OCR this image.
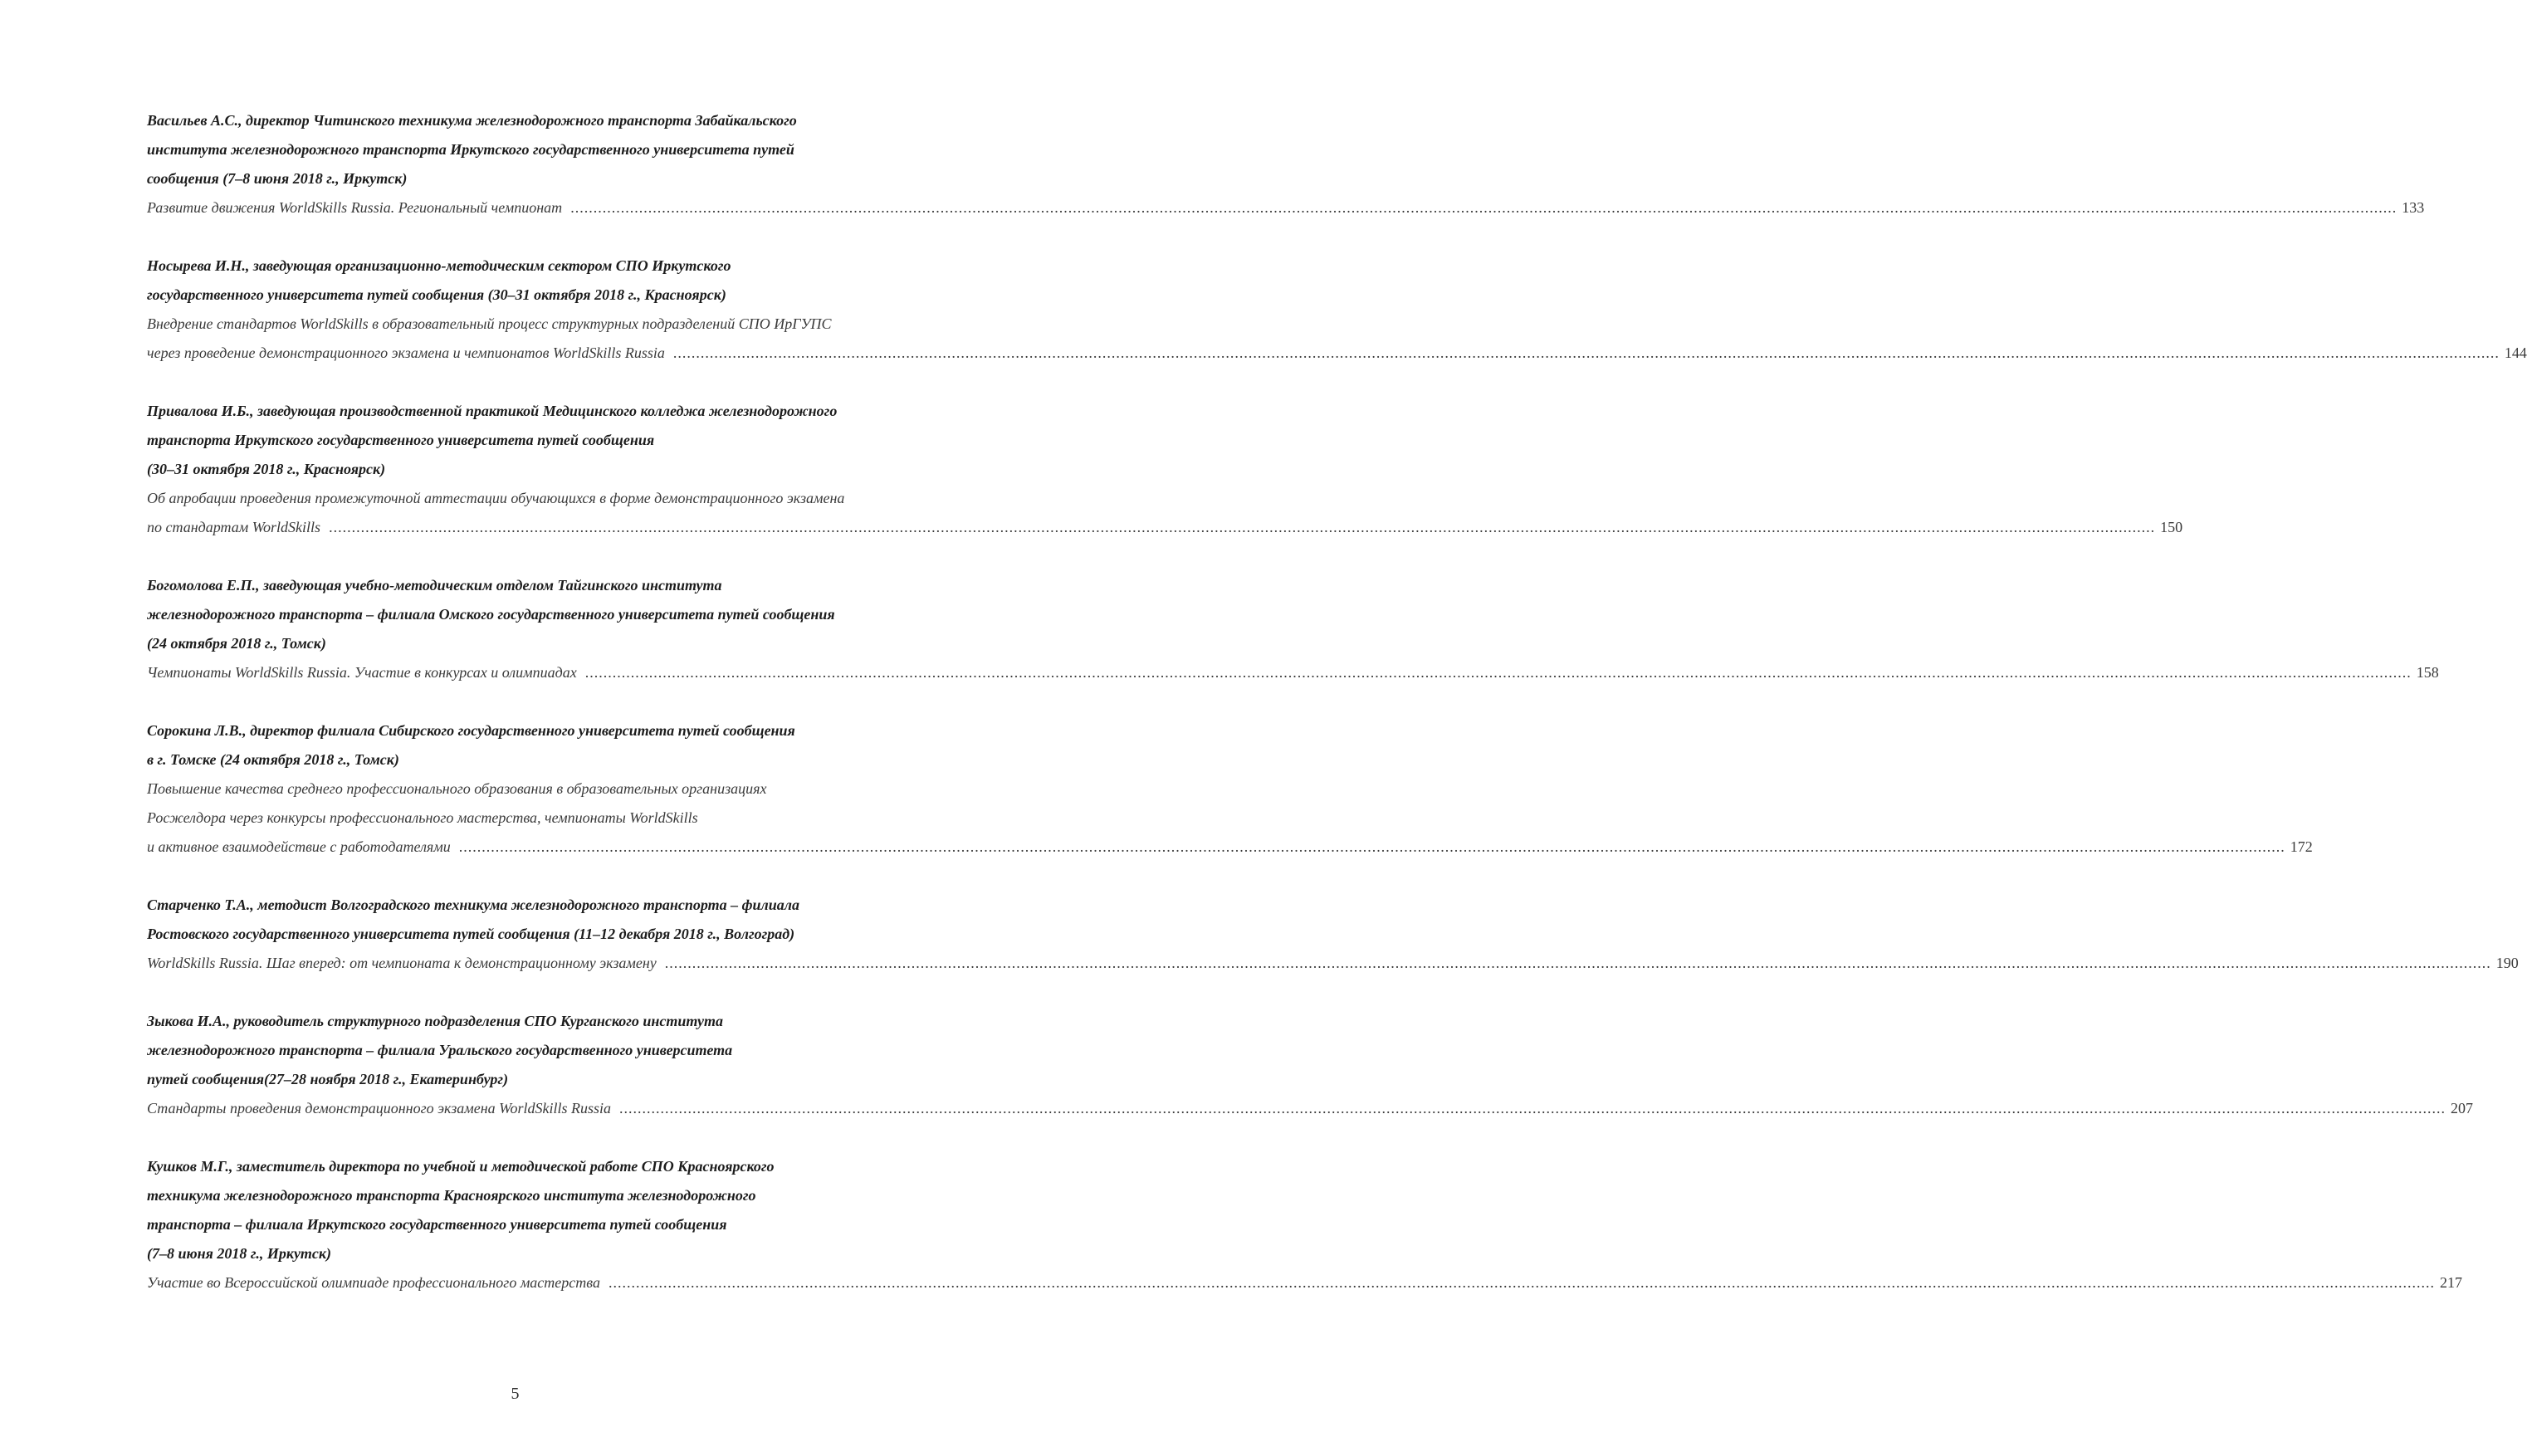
Васильев А.С., директор Читинского техникума железнодорожного транспорта Забайкальского
института железнодорожного транспорта Иркутского государственного университета путей
сообщения (7–8 июня 2018 г., Иркутск)
Развитие движения WorldSkills Russia. Региональный чемпионат ................................................................................................................................................................................................................................................................................................................................................................................................................ 133
Носырева И.Н., заведующая организационно-методическим сектором СПО Иркутского
государственного университета путей сообщения (30–31 октября 2018 г., Красноярск)
Внедрение стандартов WorldSkills в образовательный процесс структурных подразделений СПО ИрГУПС
через проведение демонстрационного экзамена и чемпионатов WorldSkills Russia ................................................................................................................................................................................................................................................................................................................................................................................................................ 144
Привалова И.Б., заведующая производственной практикой Медицинского колледжа железнодорожного
транспорта Иркутского государственного университета путей сообщения
(30–31 октября 2018 г., Красноярск)
Об апробации проведения промежуточной аттестации обучающихся в форме демонстрационного экзамена
по стандартам WorldSkills ................................................................................................................................................................................................................................................................................................................................................................................................................ 150
Богомолова Е.П., заведующая учебно-методическим отделом Тайгинского института
железнодорожного транспорта – филиала Омского государственного университета путей сообщения
(24 октября 2018 г., Томск)
Чемпионаты WorldSkills Russia. Участие в конкурсах и олимпиадах ................................................................................................................................................................................................................................................................................................................................................................................................................ 158
Сорокина Л.В., директор филиала Сибирского государственного университета путей сообщения
в г. Томске (24 октября 2018 г., Томск)
Повышение качества среднего профессионального образования в образовательных организациях
Росжелдора через конкурсы профессионального мастерства, чемпионаты WorldSkills
и активное взаимодействие с работодателями ................................................................................................................................................................................................................................................................................................................................................................................................................ 172
Старченко Т.А., методист Волгоградского техникума железнодорожного транспорта – филиала
Ростовского государственного университета путей сообщения (11–12 декабря 2018 г., Волгоград)
WorldSkills Russia. Шаг вперед: от чемпионата к демонстрационному экзамену ................................................................................................................................................................................................................................................................................................................................................................................................................ 190
Зыкова И.А., руководитель структурного подразделения СПО Курганского института
железнодорожного транспорта – филиала Уральского государственного университета
путей сообщения(27–28 ноября 2018 г., Екатеринбург)
Стандарты проведения демонстрационного экзамена WorldSkills Russia ................................................................................................................................................................................................................................................................................................................................................................................................................ 207
Кушков М.Г., заместитель директора по учебной и методической работе СПО Красноярского
техникума железнодорожного транспорта Красноярского института железнодорожного
транспорта – филиала Иркутского государственного университета путей сообщения
(7–8 июня 2018 г., Иркутск)
Участие во Всероссийской олимпиаде профессионального мастерства ................................................................................................................................................................................................................................................................................................................................................................................................................ 217
5
